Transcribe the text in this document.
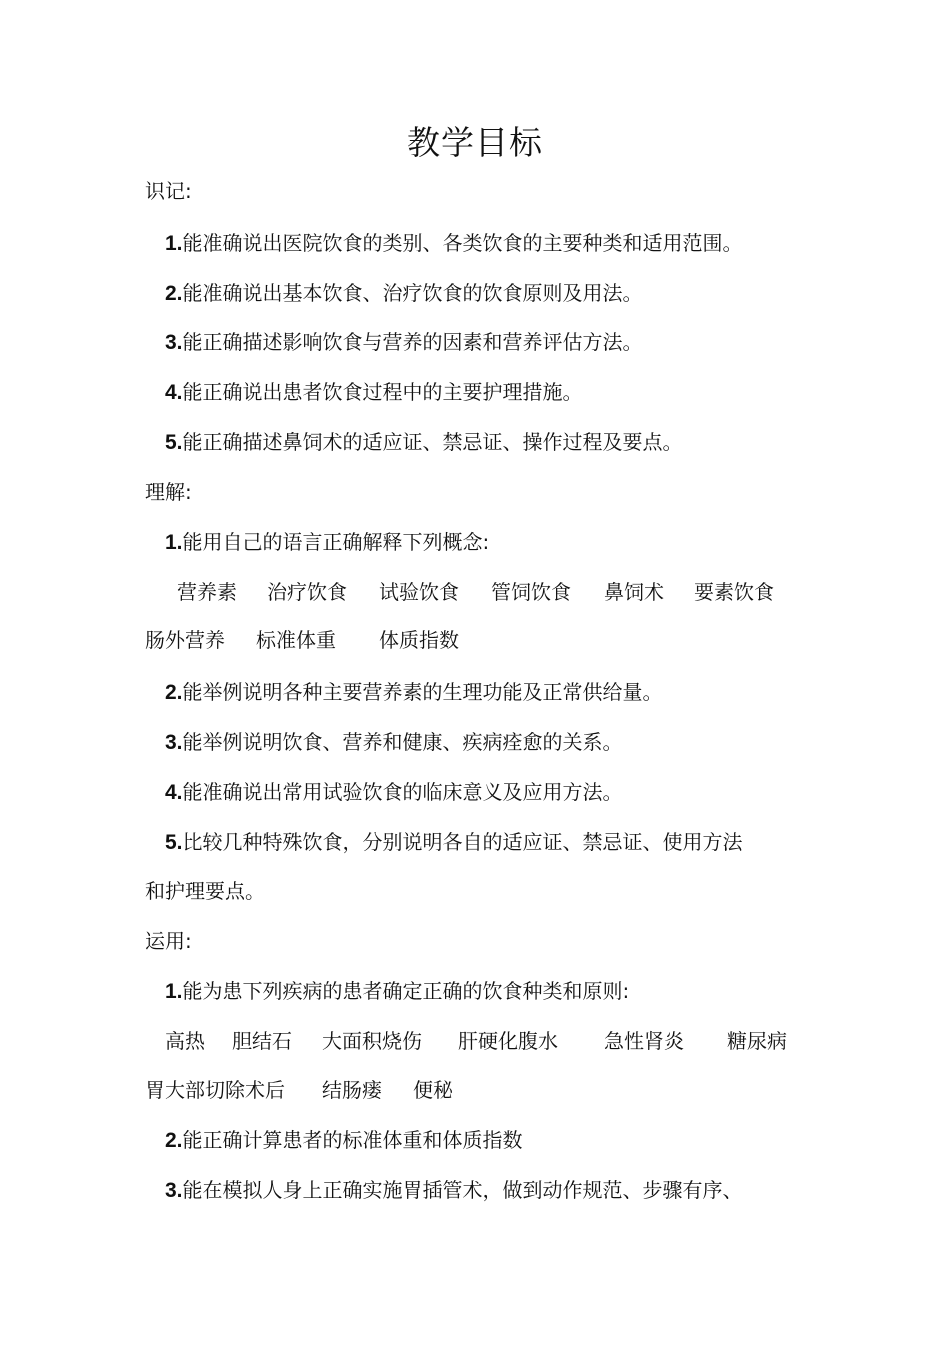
教学目标
识记:
1.能准确说出医院饮食的类别、各类饮食的主要种类和适用范围。
2.能准确说出基本饮食、治疗饮食的饮食原则及用法。
3.能正确描述影响饮食与营养的因素和营养评估方法。
4.能正确说出患者饮食过程中的主要护理措施。
5.能正确描述鼻饲术的适应证、禁忌证、操作过程及要点。
理解:
1.能用自己的语言正确解释下列概念:
营养素 治疗饮食 试验饮食 管饲饮食 鼻饲术 要素饮食
肠外营养 标准体重 体质指数
2.能举例说明各种主要营养素的生理功能及正常供给量。
3.能举例说明饮食、营养和健康、疾病痊愈的关系。
4.能准确说出常用试验饮食的临床意义及应用方法。
5.比较几种特殊饮食，分别说明各自的适应证、禁忌证、使用方法
和护理要点。
运用:
1.能为患下列疾病的患者确定正确的饮食种类和原则:
高热 胆结石 大面积烧伤 肝硬化腹水 急性肾炎 糖尿病
胃大部切除术后 结肠瘘 便秘
2.能正确计算患者的标准体重和体质指数
3.能在模拟人身上正确实施胃插管术，做到动作规范、步骤有序、
